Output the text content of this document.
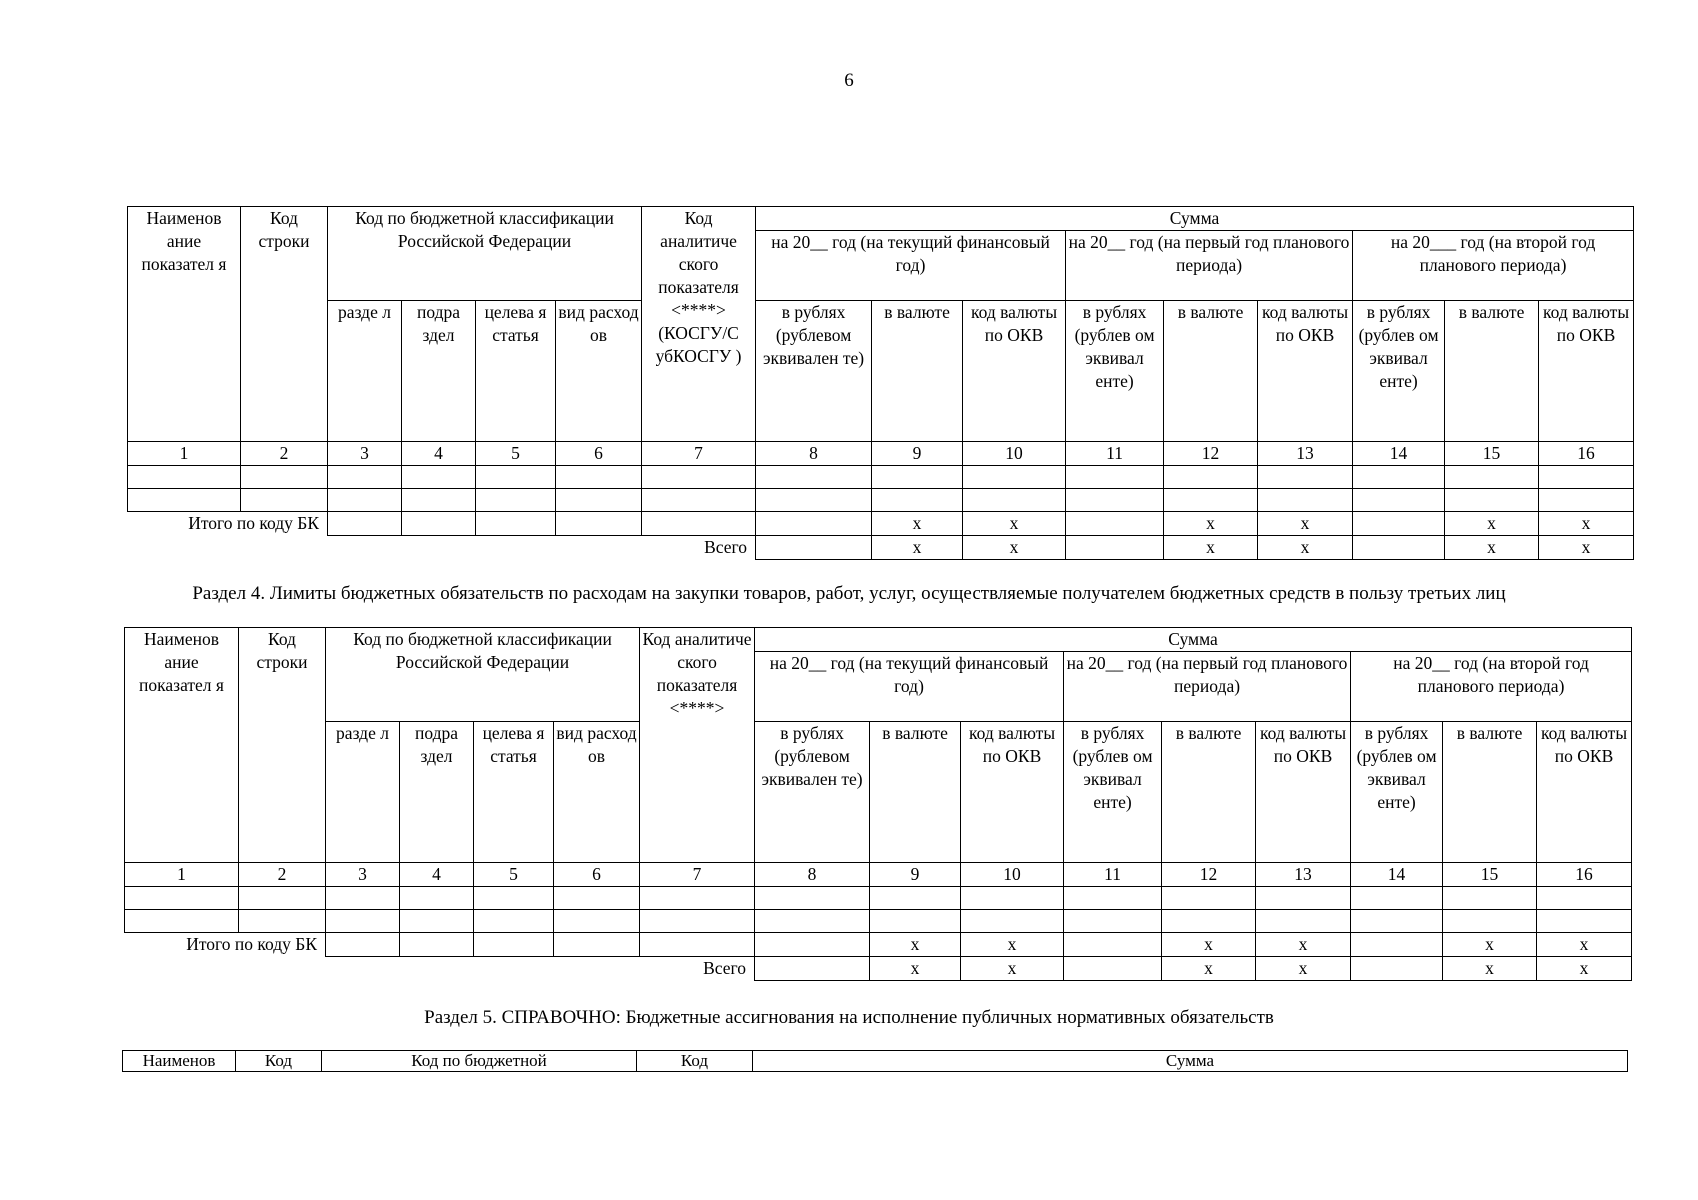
6
Наименов ание показател я	Код строки	Код по бюджетной классификации Российской Федерации				Код аналитиче ского показателя <****> (КОСГУ/С убКОСГУ )	Сумма								
							на 20__ год (на текущий финансовый год)			на 20__ год (на первый год планового периода)			на 20___ год (на второй год планового периода)		
		разде л	подра здел	целева я статья	вид расход ов		в рублях (рублевом эквивален те)	в валюте	код валюты по ОКВ	в рублях (рублев ом эквивал енте)	в валюте	код валюты по ОКВ	в рублях (рублев ом эквивал енте)	в валюте	код валюты по ОКВ
1	2	3	4	5	6	7	8	9	10	11	12	13	14	15	16

Итого по коду БК								x	x		x	x		x	x
Всего								x	x		x	x		x	x
Раздел 4. Лимиты бюджетных обязательств по расходам на закупки товаров, работ, услуг, осуществляемые получателем бюджетных средств в пользу третьих лиц
Наименов ание показател я	Код строки	Код по бюджетной классификации Российской Федерации				Код аналитиче ского показателя <****>	Сумма								
							на 20__ год (на текущий финансовый год)			на 20__ год (на первый год планового периода)			на 20__ год (на второй год планового периода)		
		разде л	подра здел	целева я статья	вид расход ов		в рублях (рублевом эквивален те)	в валюте	код валюты по ОКВ	в рублях (рублев ом эквивал енте)	в валюте	код валюты по ОКВ	в рублях (рублев ом эквивал енте)	в валюте	код валюты по ОКВ
1	2	3	4	5	6	7	8	9	10	11	12	13	14	15	16

Итого по коду БК								x	x		x	x		x	x
Всего								x	x		x	x		x	x
Раздел 5. СПРАВОЧНО: Бюджетные ассигнования на исполнение публичных нормативных обязательств
Наименов	Код	Код по бюджетной	Код	Сумма
